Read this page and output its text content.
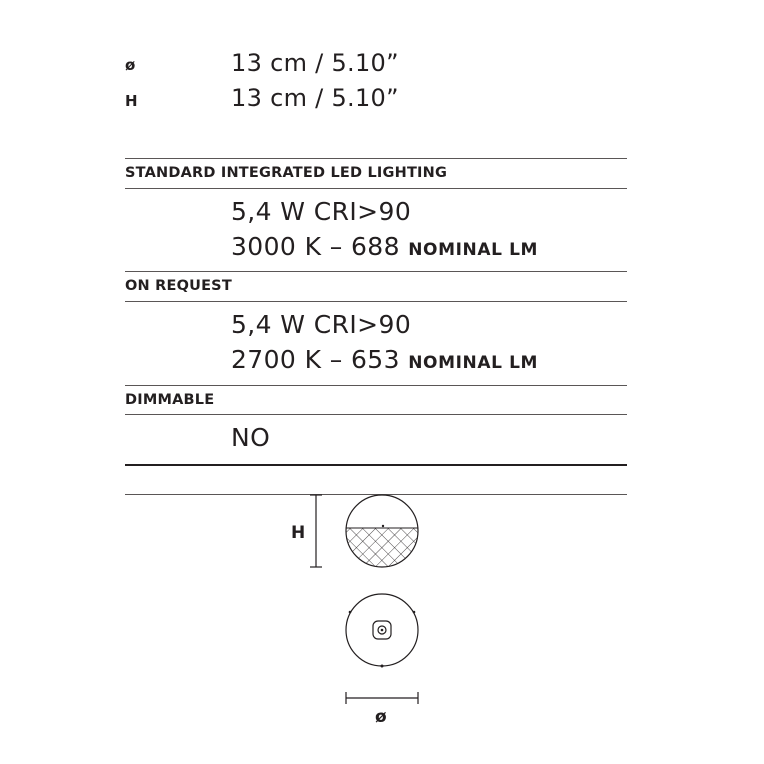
ø	13 cm / 5.10”
H	13 cm / 5.10”
STANDARD INTEGRATED LED LIGHTING
5,4 W CRI>90
3000 K – 688 NOMINAL LM
ON REQUEST
5,4 W CRI>90
2700 K – 653 NOMINAL LM
DIMMABLE
NO
H
ø
